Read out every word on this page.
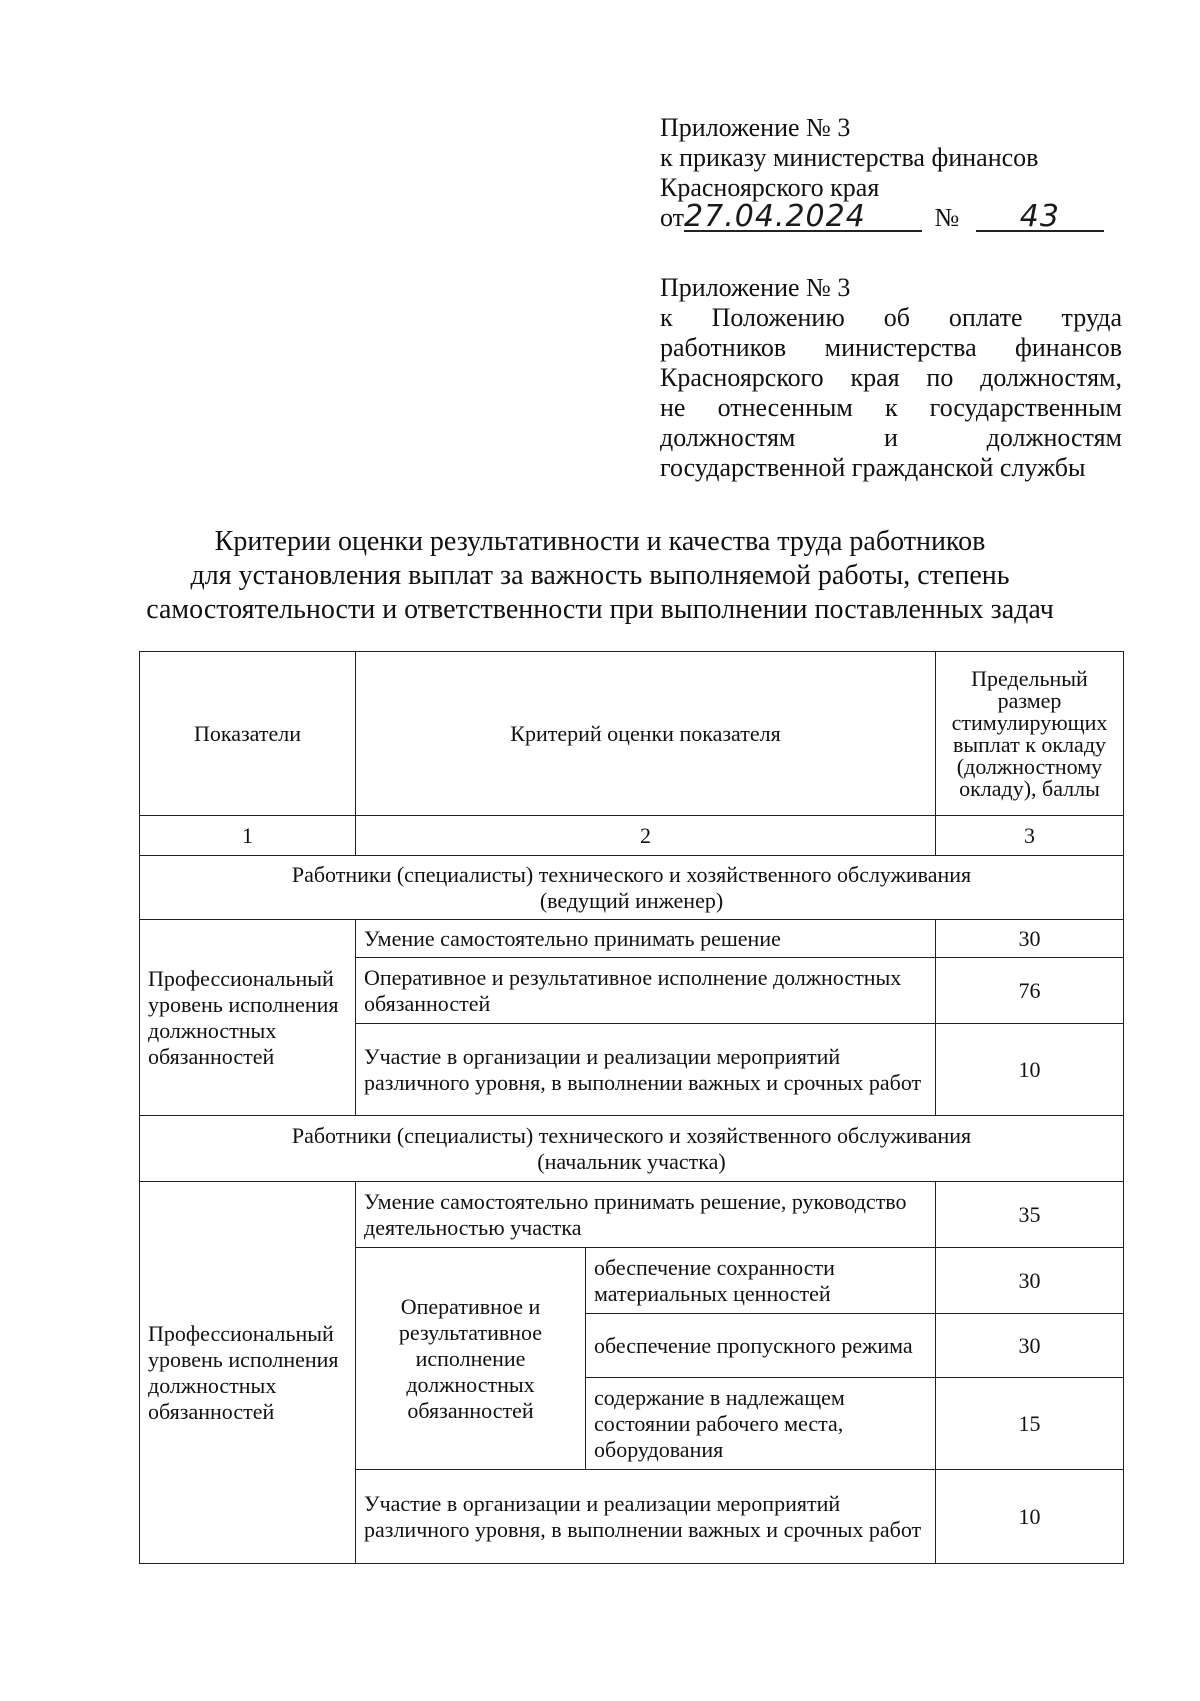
Приложение № 3
к приказу министерства финансов
Красноярского края
от27.04.2024	№ 43
Приложение № 3
к Положению об оплате труда
работников министерства финансов
Красноярского края по должностям,
не отнесенным к государственным
должностям и должностям
государственной гражданской службы
Критерии оценки результативности и качества труда работников
для установления выплат за важность выполняемой работы, степень
самостоятельности и ответственности при выполнении поставленных задач
Показатели	Критерий оценки показателя		Предельный размер стимулирующих выплат к окладу (должностному окладу), баллы
1	2		3

Работники (специалисты) технического и хозяйственного обслуживания
(ведущий инженер)			

Профессиональный уровень исполнения должностных обязанностей	Умение самостоятельно принимать решение		30
	Оперативное и результативное исполнение должностных обязанностей		76
	Участие в организации и реализации мероприятий различного уровня, в выполнении важных и срочных работ		10

Работники (специалисты) технического и хозяйственного обслуживания
(начальник участка)			

Профессиональный уровень исполнения должностных обязанностей	Умение самостоятельно принимать решение, руководство деятельностью участка		35
	Оперативное и результативное исполнение должностных обязанностей	обеспечение сохранности материальных ценностей	30
		обеспечение пропускного режима	30
		содержание в надлежащем состоянии рабочего места, оборудования	15
	Участие в организации и реализации мероприятий различного уровня, в выполнении важных и срочных работ		10
